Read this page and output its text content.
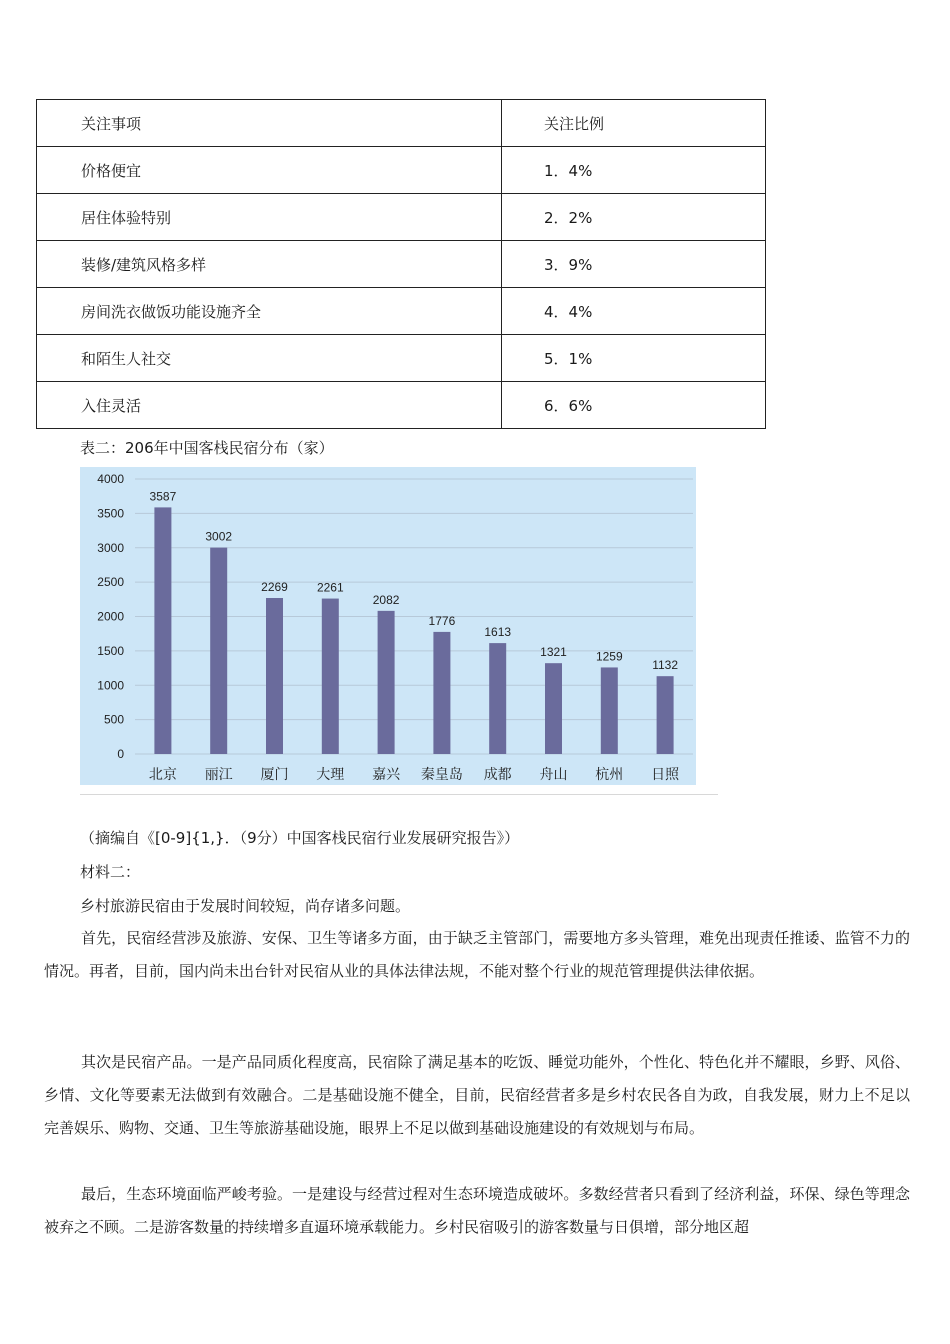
关注事项	关注比例
价格便宜	1．4%
居住体验特别	2．2%
装修/建筑风格多样	3．9%
房间洗衣做饭功能设施齐全	4．4%
和陌生人社交	5．1%
入住灵活	6．6%
表二：206年中国客栈民宿分布（家）
0
500
1000
1500
2000
2500
3000
3500
4000
3587
北京
3002
丽江
2269
厦门
2261
大理
2082
嘉兴
1776
秦皇岛
1613
成都
1321
舟山
1259
杭州
1132
日照
（摘编自《[0-9]{1,}．（9分）中国客栈民宿行业发展研究报告》）
材料二：
乡村旅游民宿由于发展时间较短，尚存诸多问题。
首先，民宿经营涉及旅游、安保、卫生等诸多方面，由于缺乏主管部门，需要地方多头管理，难免出现责任推诿、监管不力的情况。再者，目前，国内尚未出台针对民宿从业的具体法律法规，不能对整个行业的规范管理提供法律依据。
其次是民宿产品。一是产品同质化程度高，民宿除了满足基本的吃饭、睡觉功能外，个性化、特色化并不耀眼，乡野、风俗、乡情、文化等要素无法做到有效融合。二是基础设施不健全，目前，民宿经营者多是乡村农民各自为政，自我发展，财力上不足以完善娱乐、购物、交通、卫生等旅游基础设施，眼界上不足以做到基础设施建设的有效规划与布局。
最后，生态环境面临严峻考验。一是建设与经营过程对生态环境造成破坏。多数经营者只看到了经济利益，环保、绿色等理念被弃之不顾。二是游客数量的持续增多直逼环境承载能力。乡村民宿吸引的游客数量与日俱增，部分地区超
